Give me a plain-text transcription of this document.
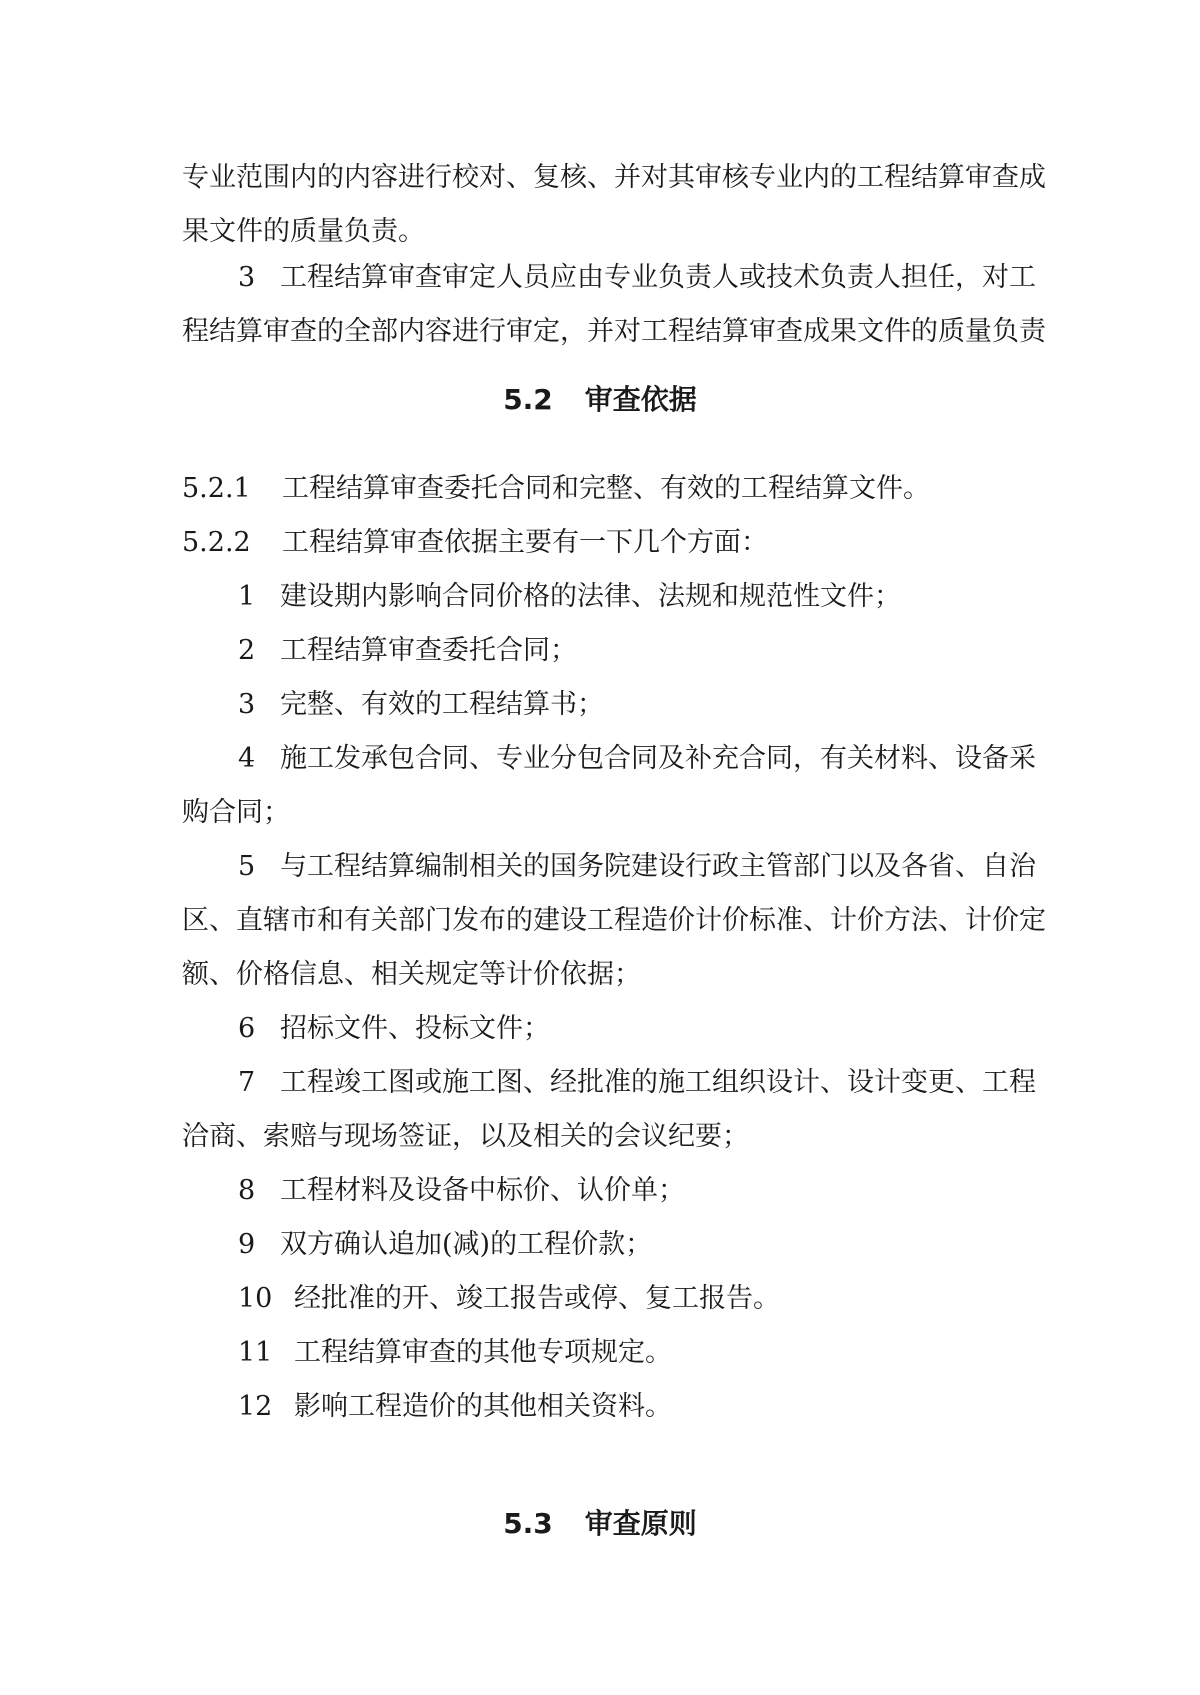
专业范围内的内容进行校对、复核、并对其审核专业内的工程结算审查成
果文件的质量负责。
3 工程结算审查审定人员应由专业负责人或技术负责人担任，对工
程结算审查的全部内容进行审定，并对工程结算审查成果文件的质量负责
5.2 审查依据
5.2.1 工程结算审查委托合同和完整、有效的工程结算文件。
5.2.2 工程结算审查依据主要有一下几个方面：
1 建设期内影响合同价格的法律、法规和规范性文件；
2 工程结算审查委托合同；
3 完整、有效的工程结算书；
4 施工发承包合同、专业分包合同及补充合同，有关材料、设备采
购合同；
5 与工程结算编制相关的国务院建设行政主管部门以及各省、自治
区、直辖市和有关部门发布的建设工程造价计价标准、计价方法、计价定
额、价格信息、相关规定等计价依据；
6 招标文件、投标文件；
7 工程竣工图或施工图、经批准的施工组织设计、设计变更、工程
洽商、索赔与现场签证，以及相关的会议纪要；
8 工程材料及设备中标价、认价单；
9 双方确认追加(减)的工程价款；
10 经批准的开、竣工报告或停、复工报告。
11 工程结算审查的其他专项规定。
12 影响工程造价的其他相关资料。
5.3 审查原则
